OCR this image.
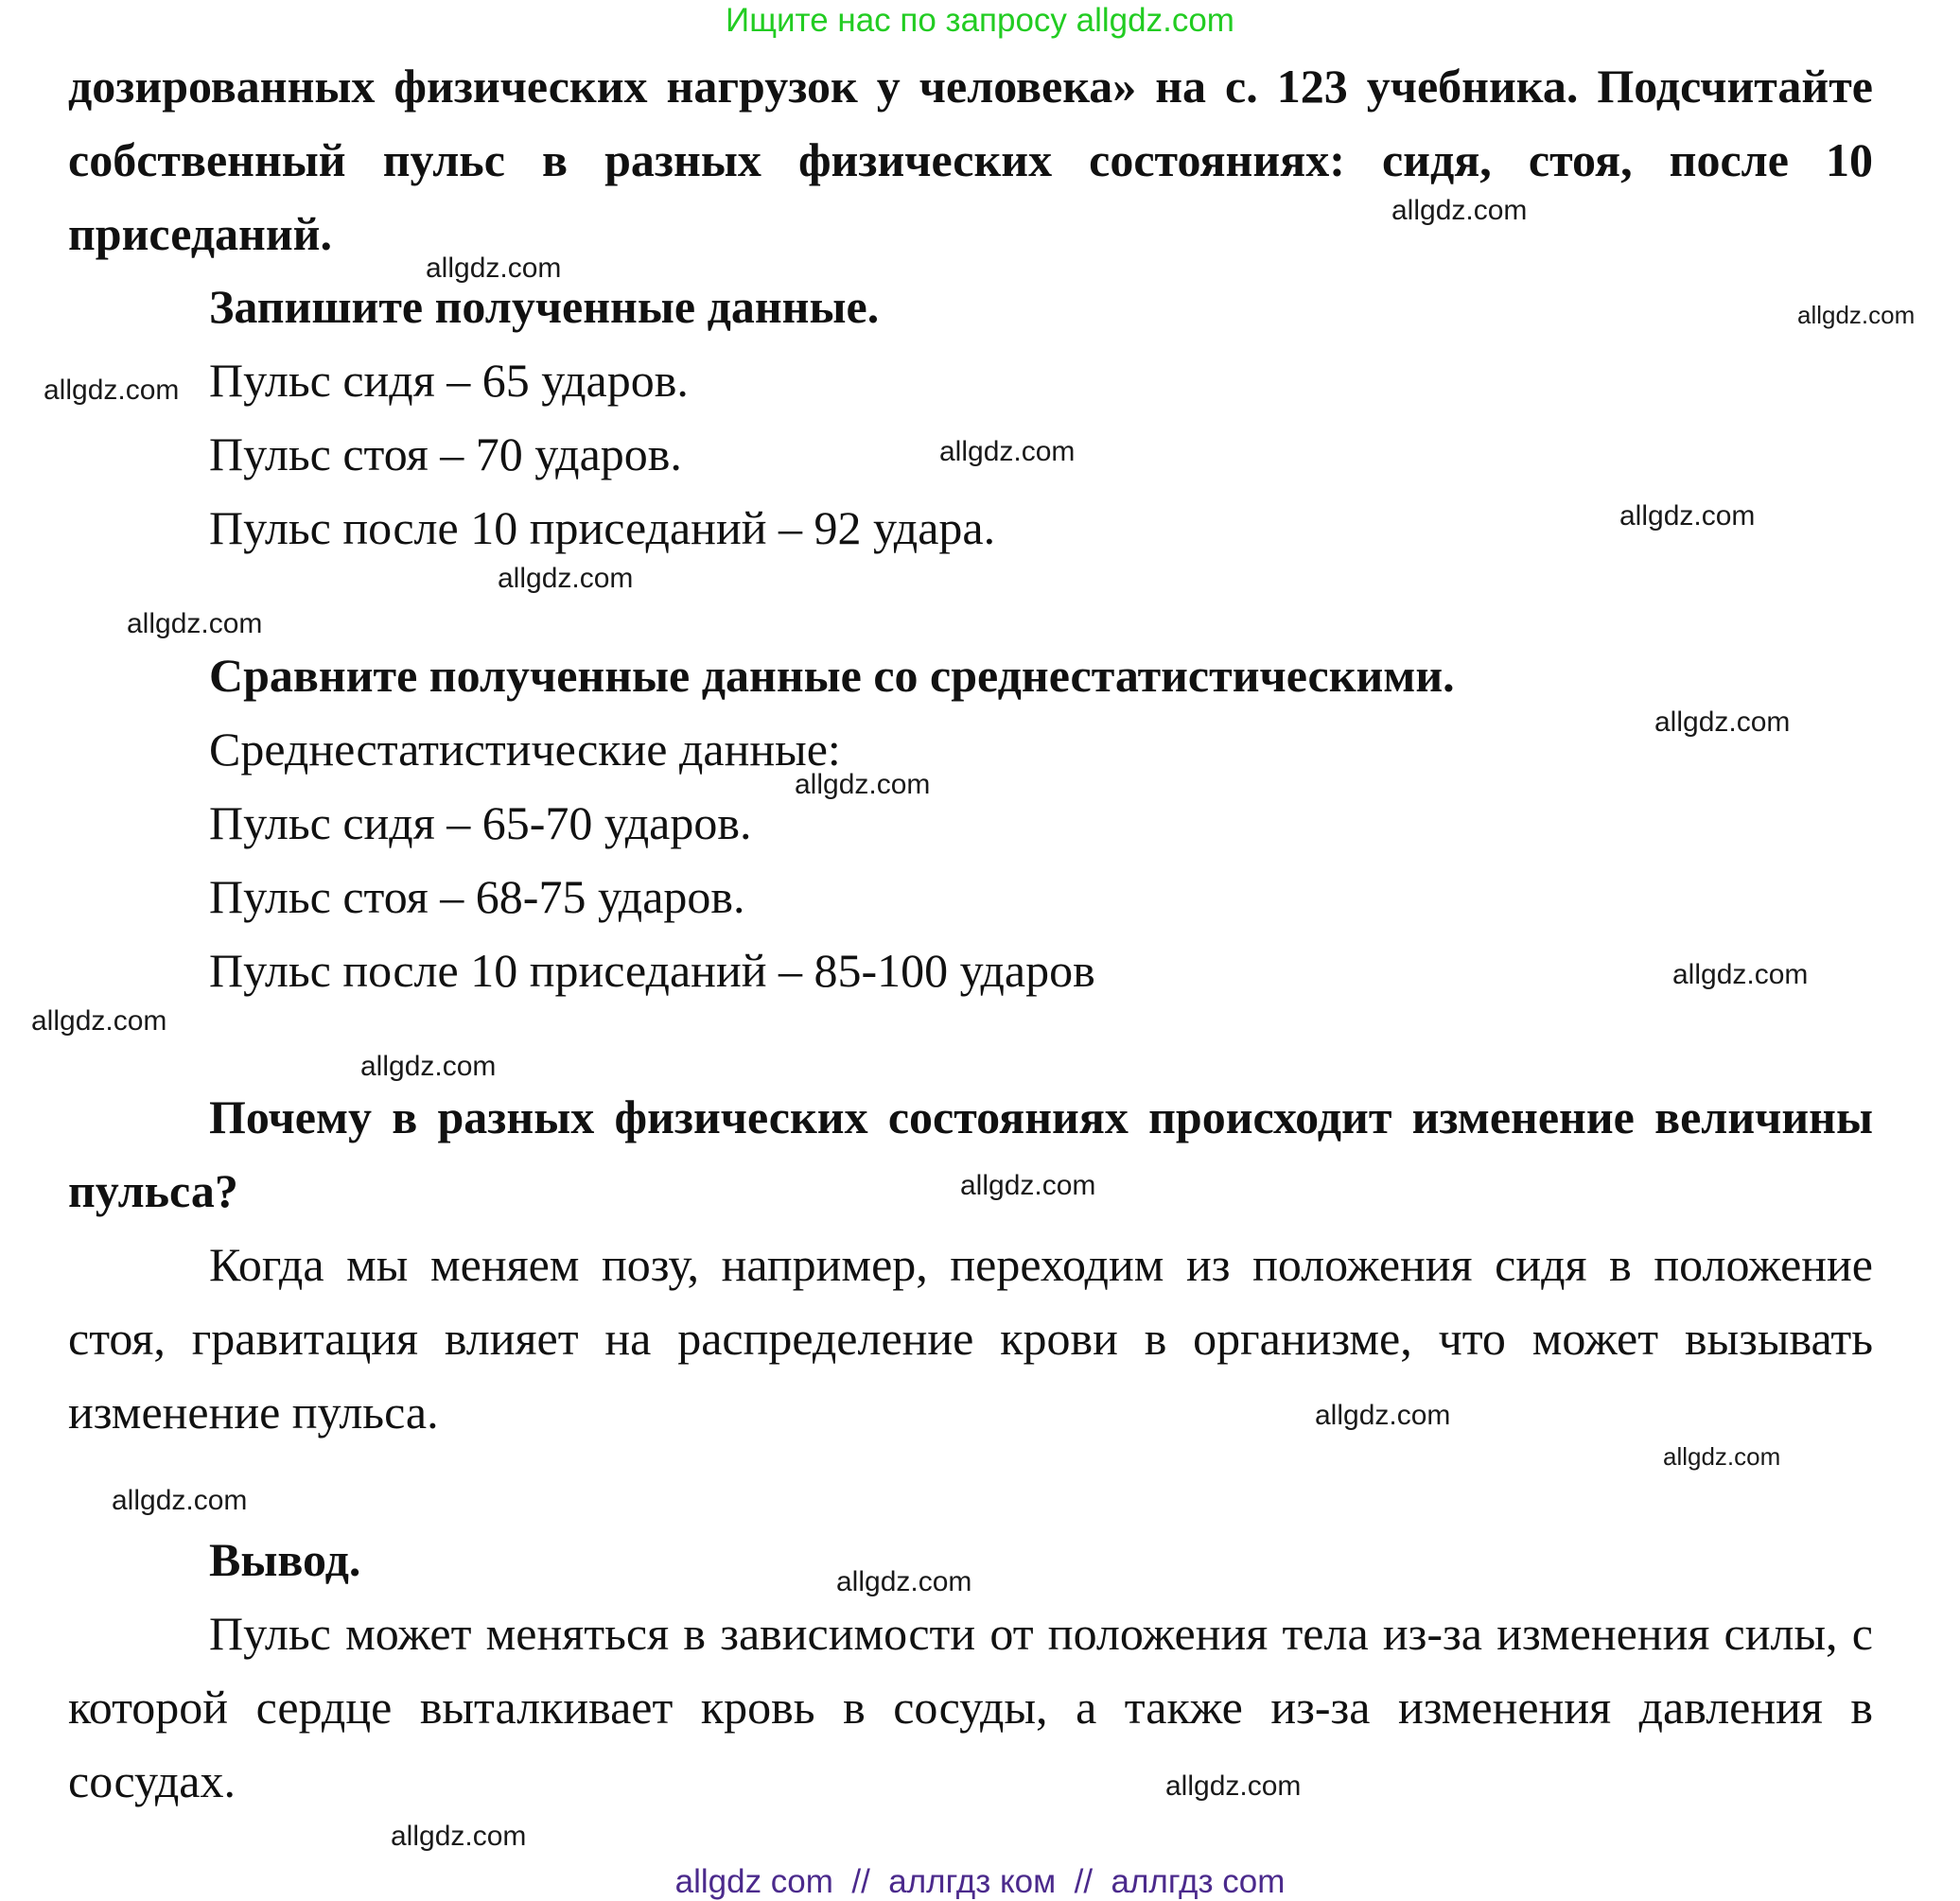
Ищите нас по запросу allgdz.com

дозированных физических нагрузок у человека» на с. 123 учебника. Подсчитайте собственный пульс в разных физических состояниях: сидя, стоя, после 10 приседаний.

Запишите полученные данные.

Пульс сидя – 65 ударов.

Пульс стоя – 70 ударов.

Пульс после 10 приседаний – 92 удара.

Сравните полученные данные со среднестатистическими.

Среднестатистические данные:

Пульс сидя – 65-70 ударов.

Пульс стоя – 68-75 ударов.

Пульс после 10 приседаний – 85-100 ударов

Почему в разных физических состояниях происходит изменение величины пульса?

Когда мы меняем позу, например, переходим из положения сидя в положение стоя, гравитация влияет на распределение крови в организме, что может вызывать изменение пульса.

Вывод.

Пульс может меняться в зависимости от положения тела из-за изменения силы, с которой сердце выталкивает кровь в сосуды, а также из-за изменения давления в сосудах.

allgdz.com
allgdz.com
allgdz.com
allgdz.com
allgdz.com
allgdz.com
allgdz.com
allgdz.com
allgdz.com
allgdz.com
allgdz.com
allgdz.com
allgdz.com
allgdz.com
allgdz.com
allgdz.com
allgdz.com
allgdz.com
allgdz.com
allgdz.com
allgdz com  //  аллгдз ком  //  аллгдз com
